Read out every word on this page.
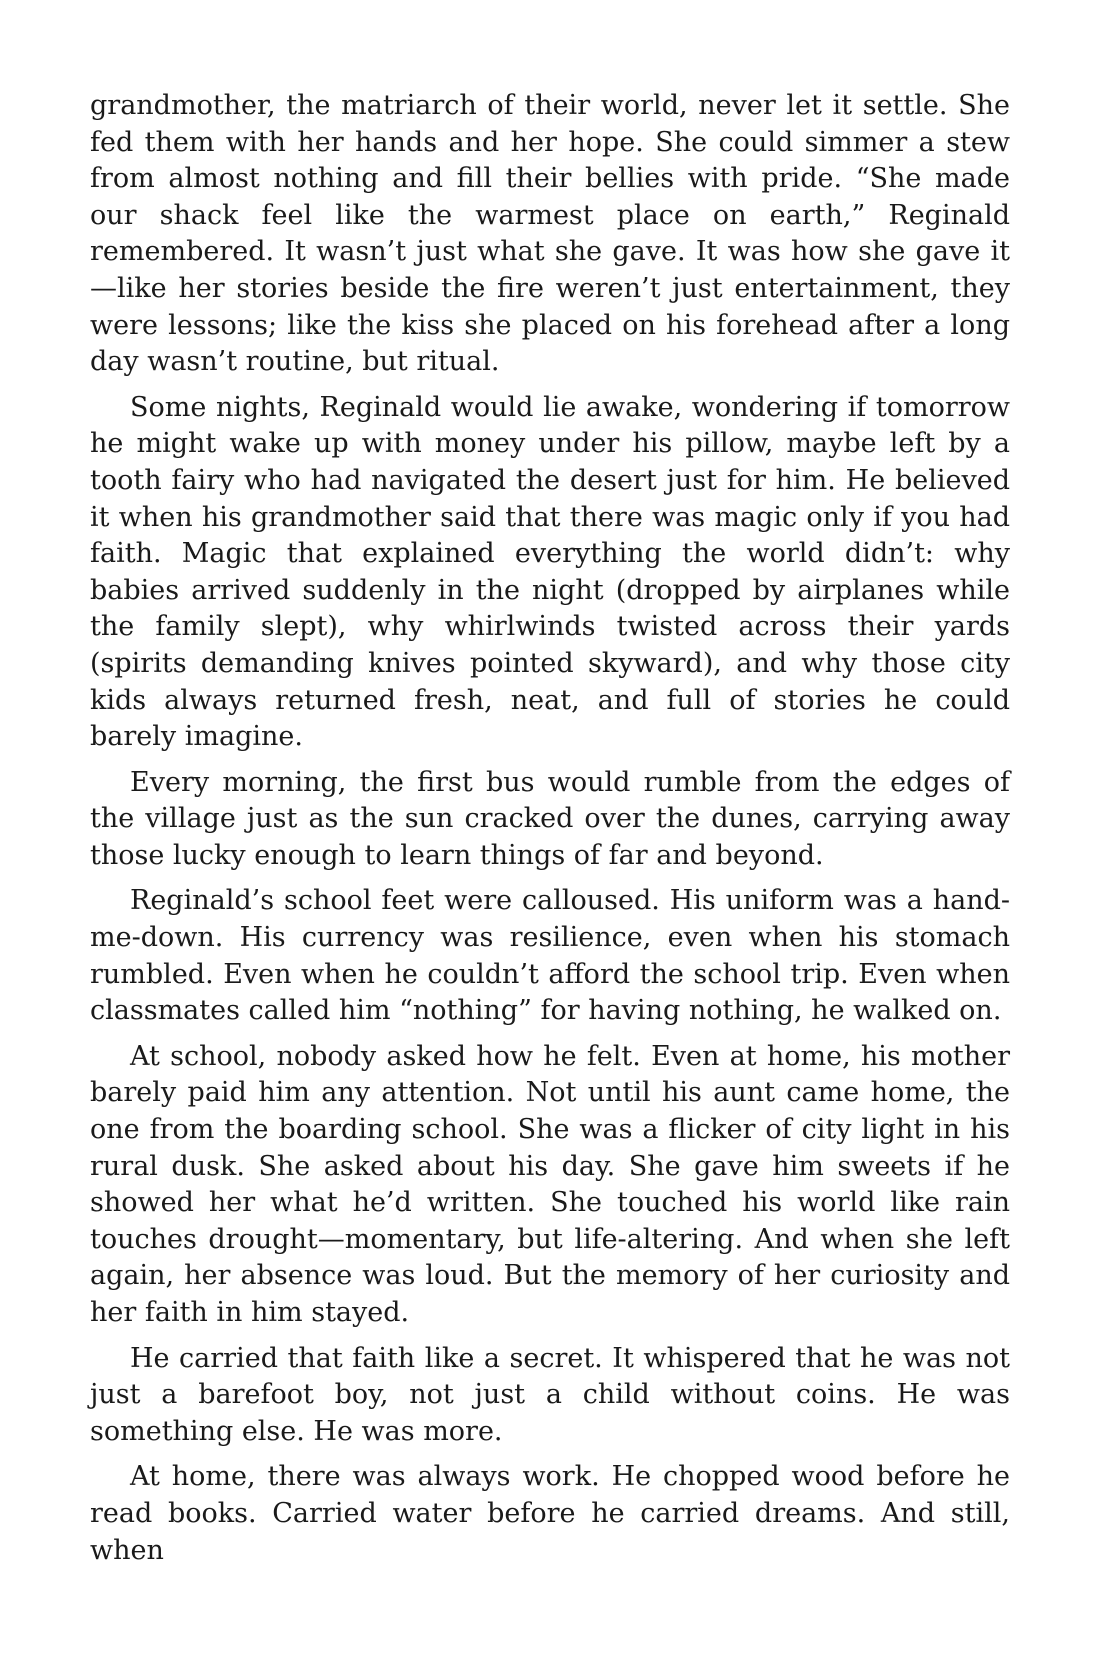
grandmother, the matriarch of their world, never let it settle. She fed them with her hands and her hope. She could simmer a stew from almost nothing and fill their bellies with pride. “She made our shack feel like the warmest place on earth,” Reginald remembered. It wasn’t just what she gave. It was how she gave it—like her stories beside the fire weren’t just entertainment, they were lessons; like the kiss she placed on his forehead after a long day wasn’t routine, but ritual.

Some nights, Reginald would lie awake, wondering if tomorrow he might wake up with money under his pillow, maybe left by a tooth fairy who had navigated the desert just for him. He believed it when his grandmother said that there was magic only if you had faith. Magic that explained everything the world didn’t: why babies arrived suddenly in the night (dropped by airplanes while the family slept), why whirlwinds twisted across their yards (spirits demanding knives pointed skyward), and why those city kids always returned fresh, neat, and full of stories he could barely imagine.

Every morning, the first bus would rumble from the edges of the village just as the sun cracked over the dunes, carrying away those lucky enough to learn things of far and beyond.

Reginald’s school feet were calloused. His uniform was a hand-me-down. His currency was resilience, even when his stomach rumbled. Even when he couldn’t afford the school trip. Even when classmates called him “nothing” for having nothing, he walked on.

At school, nobody asked how he felt. Even at home, his mother barely paid him any attention. Not until his aunt came home, the one from the boarding school. She was a flicker of city light in his rural dusk. She asked about his day. She gave him sweets if he showed her what he’d written. She touched his world like rain touches drought—momentary, but life-altering. And when she left again, her absence was loud. But the memory of her curiosity and her faith in him stayed.

He carried that faith like a secret. It whispered that he was not just a barefoot boy, not just a child without coins. He was something else. He was more.

At home, there was always work. He chopped wood before he read books. Carried water before he carried dreams. And still, when
